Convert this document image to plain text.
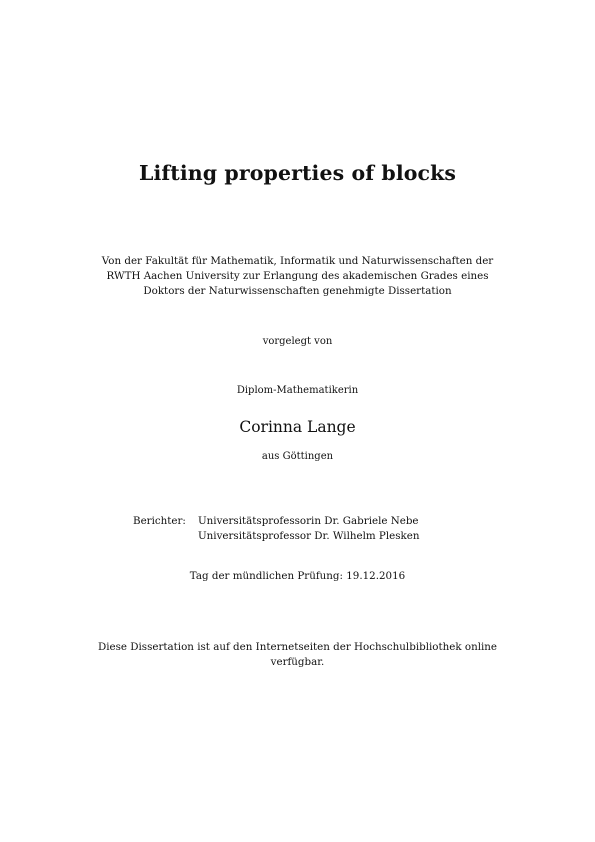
Lifting properties of blocks
Von der Fakultät für Mathematik, Informatik und Naturwissenschaften der
RWTH Aachen University zur Erlangung des akademischen Grades eines
Doktors der Naturwissenschaften genehmigte Dissertation
vorgelegt von
Diplom-Mathematikerin
Corinna Lange
aus Göttingen
Berichter: Universitätsprofessorin Dr. Gabriele Nebe
Universitätsprofessor Dr. Wilhelm Plesken
Tag der mündlichen Prüfung: 19.12.2016
Diese Dissertation ist auf den Internetseiten der Hochschulbibliothek online
verfügbar.
